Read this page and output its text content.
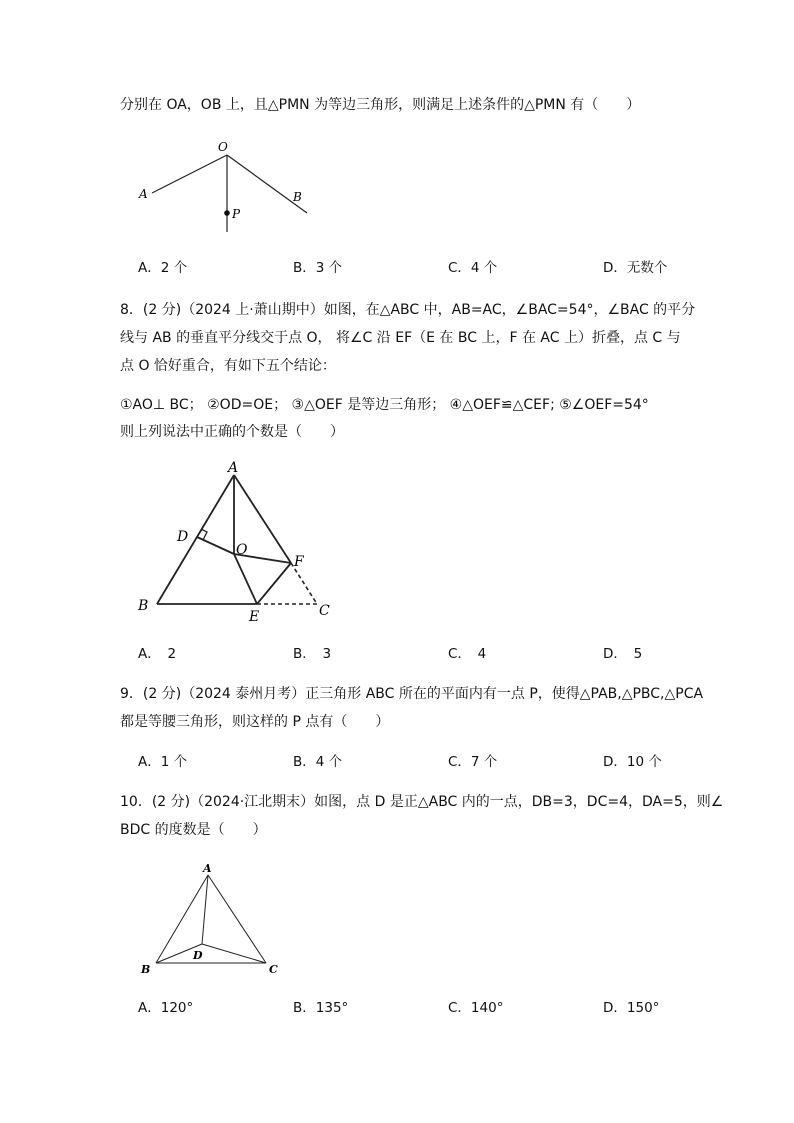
分别在 OA，OB 上，且△PMN 为等边三角形，则满足上述条件的△PMN 有（　　）
O
A	B
P
A．2 个	B．3 个	C．4 个	D．无数个
8．(2 分)（2024 上·萧山期中）如图，在△ABC 中，AB=AC，∠BAC=54°，∠BAC 的平分
线与 AB 的垂直平分线交于点 O， 将∠C 沿 EF（E 在 BC 上，F 在 AC 上）折叠，点 C 与
点 O 恰好重合，有如下五个结论：
①AO⊥ BC； ②OD=OE； ③△OEF 是等边三角形； ④△OEF≌△CEF; ⑤∠OEF=54°
则上列说法中正确的个数是（　　）
A
B	C
D
E
F
O
A．　2	B．　3	C．　4	D．　5
9．(2 分)（2024 泰州月考）正三角形 ABC 所在的平面内有一点 P，使得△PAB,△PBC,△PCA
都是等腰三角形，则这样的 P 点有（　　）
A．1 个	B．4 个	C．7 个	D．10 个
10．(2 分)（2024·江北期末）如图，点 D 是正△ABC 内的一点，DB=3，DC=4，DA=5，则∠
BDC 的度数是（　　）
A
B	C
D
A．120°	B．135°	C．140°	D．150°
